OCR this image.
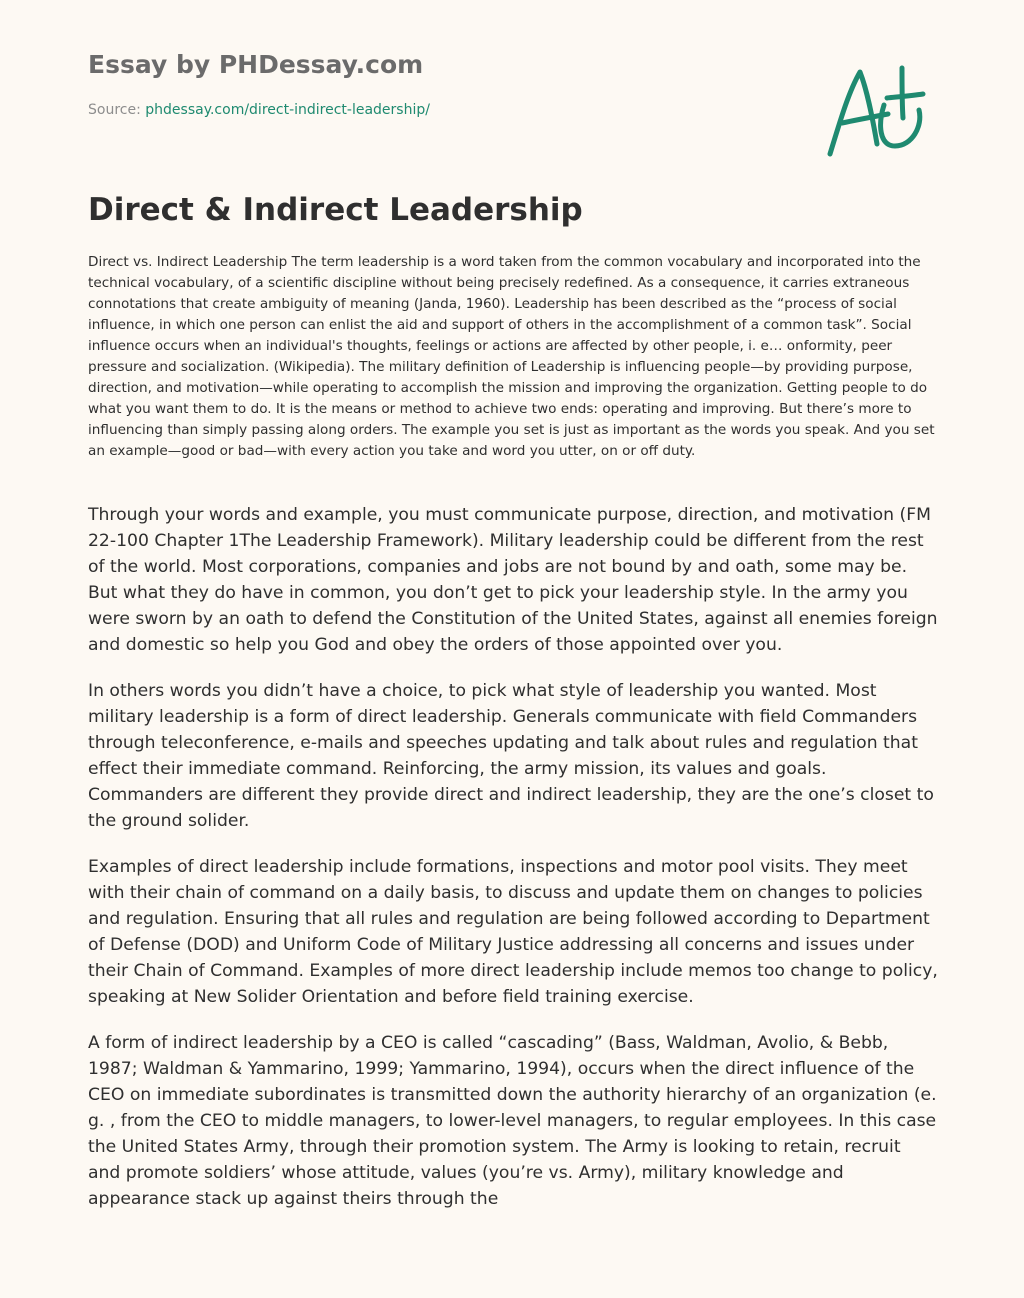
Essay by PHDessay.com
Source: phdessay.com/direct-indirect-leadership/
Direct & Indirect Leadership

Direct vs. Indirect Leadership The term leadership is a word taken from the common vocabulary and incorporated into the technical vocabulary, of a scientific discipline without being precisely redefined. As a consequence, it carries extraneous connotations that create ambiguity of meaning (Janda, 1960). Leadership has been described as the “process of social influence, in which one person can enlist the aid and support of others in the accomplishment of a common task”. Social influence occurs when an individual's thoughts, feelings or actions are affected by other people, i. e… onformity, peer pressure and socialization. (Wikipedia). The military definition of Leadership is influencing people—by providing purpose, direction, and motivation—while operating to accomplish the mission and improving the organization. Getting people to do what you want them to do. It is the means or method to achieve two ends: operating and improving. But there’s more to influencing than simply passing along orders. The example you set is just as important as the words you speak. And you set an example—good or bad—with every action you take and word you utter, on or off duty.

Through your words and example, you must communicate purpose, direction, and motivation (FM 22-100 Chapter 1The Leadership Framework). Military leadership could be different from the rest of the world. Most corporations, companies and jobs are not bound by and oath, some may be. But what they do have in common, you don’t get to pick your leadership style. In the army you were sworn by an oath to defend the Constitution of the United States, against all enemies foreign and domestic so help you God and obey the orders of those appointed over you.

In others words you didn’t have a choice, to pick what style of leadership you wanted. Most military leadership is a form of direct leadership. Generals communicate with field Commanders through teleconference, e-mails and speeches updating and talk about rules and regulation that effect their immediate command. Reinforcing, the army mission, its values and goals. Commanders are different they provide direct and indirect leadership, they are the one’s closet to the ground solider.

Examples of direct leadership include formations, inspections and motor pool visits. They meet with their chain of command on a daily basis, to discuss and update them on changes to policies and regulation. Ensuring that all rules and regulation are being followed according to Department of Defense (DOD) and Uniform Code of Military Justice addressing all concerns and issues under their Chain of Command. Examples of more direct leadership include memos too change to policy, speaking at New Solider Orientation and before field training exercise.

A form of indirect leadership by a CEO is called “cascading” (Bass, Waldman, Avolio, & Bebb, 1987; Waldman & Yammarino, 1999; Yammarino, 1994), occurs when the direct influence of the CEO on immediate subordinates is transmitted down the authority hierarchy of an organization (e. g. , from the CEO to middle managers, to lower-level managers, to regular employees. In this case the United States Army, through their promotion system. The Army is looking to retain, recruit and promote soldiers’ whose attitude, values (you’re vs. Army), military knowledge and appearance stack up against theirs through the
